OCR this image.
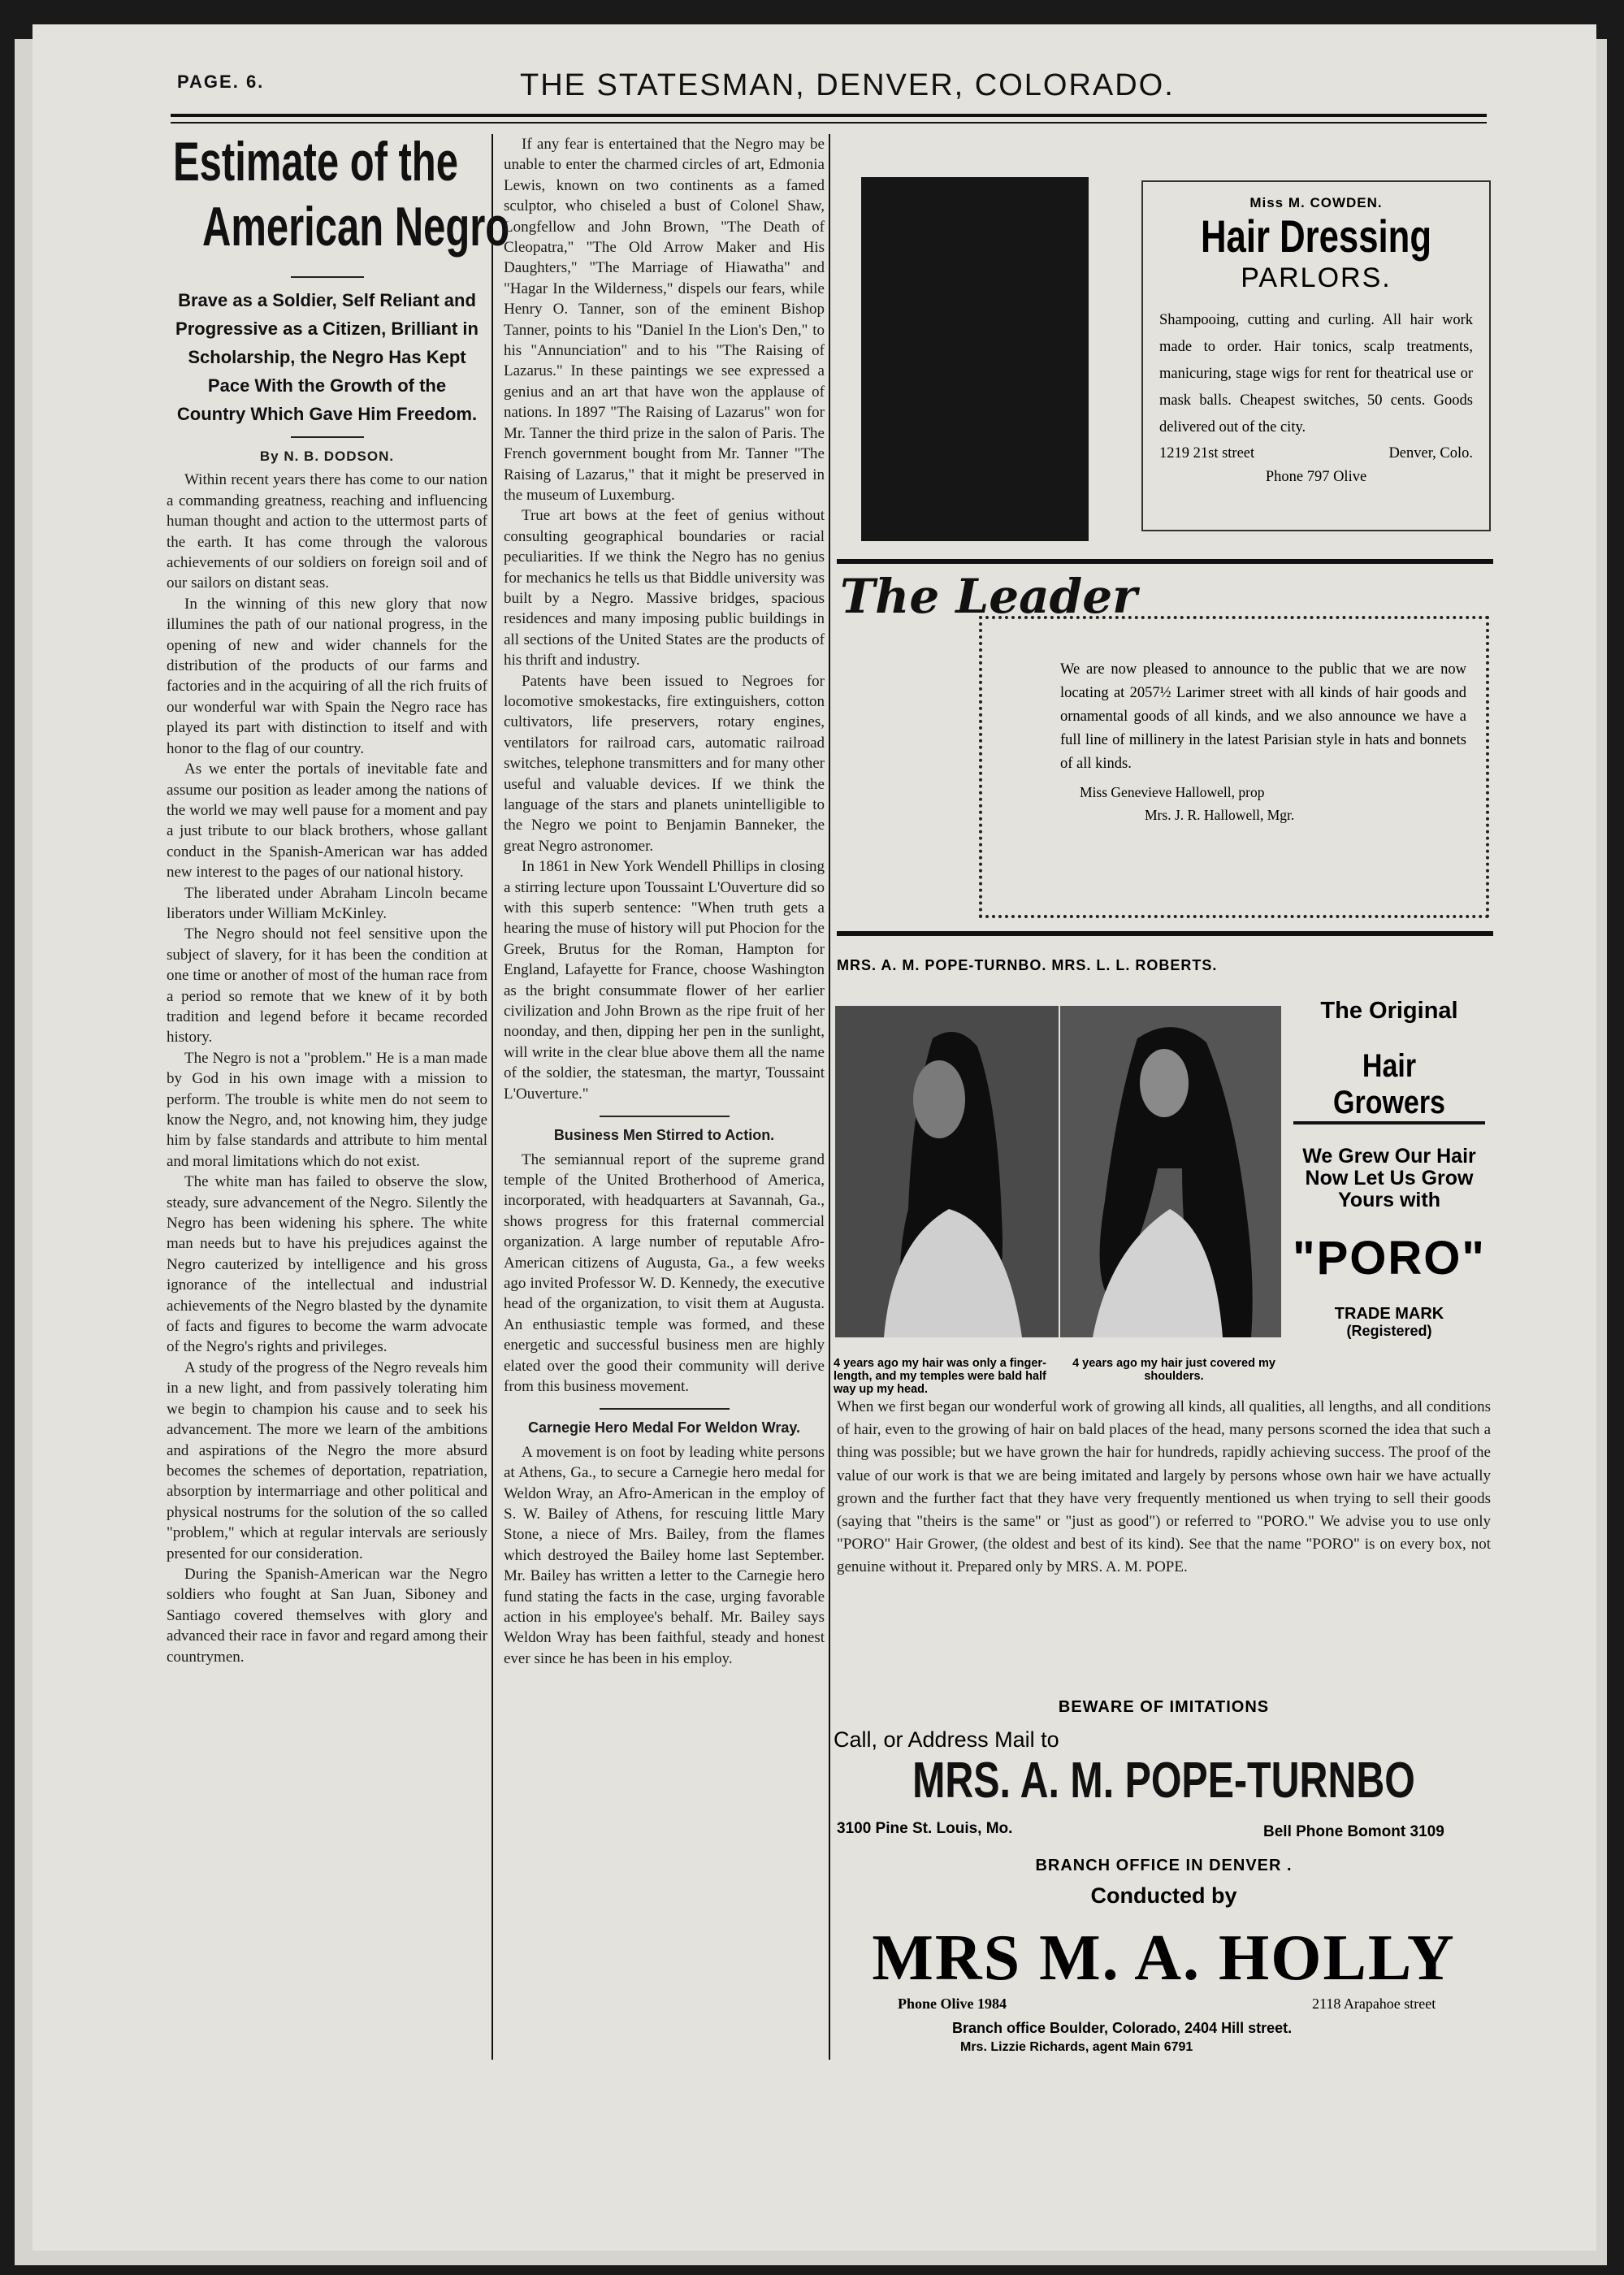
PAGE. 6.	THE STATESMAN, DENVER, COLORADO.
Estimate of the
American Negro
Brave as a Soldier, Self Reliant and Progressive as a Citizen, Brilliant in Scholarship, the Negro Has Kept Pace With the Growth of the Country Which Gave Him Freedom.
By N. B. DODSON.

Within recent years there has come to our nation a commanding greatness, reaching and influencing human thought and action to the uttermost parts of the earth. It has come through the valorous achievements of our soldiers on foreign soil and of our sailors on distant seas.

In the winning of this new glory that now illumines the path of our national progress, in the opening of new and wider channels for the distribution of the products of our farms and factories and in the acquiring of all the rich fruits of our wonderful war with Spain the Negro race has played its part with distinction to itself and with honor to the flag of our country.

As we enter the portals of inevitable fate and assume our position as leader among the nations of the world we may well pause for a moment and pay a just tribute to our black brothers, whose gallant conduct in the Spanish-American war has added new interest to the pages of our national history.

The liberated under Abraham Lincoln became liberators under William McKinley.

The Negro should not feel sensitive upon the subject of slavery, for it has been the condition at one time or another of most of the human race from a period so remote that we knew of it by both tradition and legend before it became recorded history.

The Negro is not a "problem." He is a man made by God in his own image with a mission to perform. The trouble is white men do not seem to know the Negro, and, not knowing him, they judge him by false standards and attribute to him mental and moral limitations which do not exist.

The white man has failed to observe the slow, steady, sure advancement of the Negro. Silently the Negro has been widening his sphere. The white man needs but to have his prejudices against the Negro cauterized by intelligence and his gross ignorance of the intellectual and industrial achievements of the Negro blasted by the dynamite of facts and figures to become the warm advocate of the Negro's rights and privileges.

A study of the progress of the Negro reveals him in a new light, and from passively tolerating him we begin to champion his cause and to seek his advancement. The more we learn of the ambitions and aspirations of the Negro the more absurd becomes the schemes of deportation, repatriation, absorption by intermarriage and other political and physical nostrums for the solution of the so called "problem," which at regular intervals are seriously presented for our consideration.

During the Spanish-American war the Negro soldiers who fought at San Juan, Siboney and Santiago covered themselves with glory and advanced their race in favor and regard among their countrymen.

If any fear is entertained that the Negro may be unable to enter the charmed circles of art, Edmonia Lewis, known on two continents as a famed sculptor, who chiseled a bust of Colonel Shaw, Longfellow and John Brown, "The Death of Cleopatra," "The Old Arrow Maker and His Daughters," "The Marriage of Hiawatha" and "Hagar In the Wilderness," dispels our fears, while Henry O. Tanner, son of the eminent Bishop Tanner, points to his "Daniel In the Lion's Den," to his "Annunciation" and to his "The Raising of Lazarus." In these paintings we see expressed a genius and an art that have won the applause of nations. In 1897 "The Raising of Lazarus" won for Mr. Tanner the third prize in the salon of Paris. The French government bought from Mr. Tanner "The Raising of Lazarus," that it might be preserved in the museum of Luxemburg.

True art bows at the feet of genius without consulting geographical boundaries or racial peculiarities. If we think the Negro has no genius for mechanics he tells us that Biddle university was built by a Negro. Massive bridges, spacious residences and many imposing public buildings in all sections of the United States are the products of his thrift and industry.

Patents have been issued to Negroes for locomotive smokestacks, fire extinguishers, cotton cultivators, life preservers, rotary engines, ventilators for railroad cars, automatic railroad switches, telephone transmitters and for many other useful and valuable devices. If we think the language of the stars and planets unintelligible to the Negro we point to Benjamin Banneker, the great Negro astronomer.

In 1861 in New York Wendell Phillips in closing a stirring lecture upon Toussaint L'Ouverture did so with this superb sentence: "When truth gets a hearing the muse of history will put Phocion for the Greek, Brutus for the Roman, Hampton for England, Lafayette for France, choose Washington as the bright consummate flower of her earlier civilization and John Brown as the ripe fruit of her noonday, and then, dipping her pen in the sunlight, will write in the clear blue above them all the name of the soldier, the statesman, the martyr, Toussaint L'Ouverture."

Business Men Stirred to Action.

The semiannual report of the supreme grand temple of the United Brotherhood of America, incorporated, with headquarters at Savannah, Ga., shows progress for this fraternal commercial organization. A large number of reputable Afro-American citizens of Augusta, Ga., a few weeks ago invited Professor W. D. Kennedy, the executive head of the organization, to visit them at Augusta. An enthusiastic temple was formed, and these energetic and successful business men are highly elated over the good their community will derive from this business movement.

Carnegie Hero Medal For Weldon Wray.

A movement is on foot by leading white persons at Athens, Ga., to secure a Carnegie hero medal for Weldon Wray, an Afro-American in the employ of S. W. Bailey of Athens, for rescuing little Mary Stone, a niece of Mrs. Bailey, from the flames which destroyed the Bailey home last September. Mr. Bailey has written a letter to the Carnegie hero fund stating the facts in the case, urging favorable action in his employee's behalf. Mr. Bailey says Weldon Wray has been faithful, steady and honest ever since he has been in his employ.

Miss M. COWDEN.
Hair Dressing
PARLORS.
Shampooing, cutting and curling. All hair work made to order. Hair tonics, scalp treatments, manicuring, stage wigs for rent for theatrical use or mask balls. Cheapest switches, 50 cents. Goods delivered out of the city.
1219 21st street	Denver, Colo.
Phone 797 Olive
The Leader
We are now pleased to announce to the public that we are now locating at 2057½ Larimer street with all kinds of hair goods and ornamental goods of all kinds, and we also announce we have a full line of millinery in the latest Parisian style in hats and bonnets of all kinds.
Miss Genevieve Hallowell, prop
Mrs. J. R. Hallowell, Mgr.
MRS. A. M. POPE-TURNBO. MRS. L. L. ROBERTS.
4 years ago my hair was only a finger-length, and my temples were bald half way up my head.
4 years ago my hair just covered my shoulders.
The Original
Hair Growers
We Grew Our Hair Now Let Us Grow Yours with
"PORO"
TRADE MARK
(Registered)
When we first began our wonderful work of growing all kinds, all qualities, all lengths, and all conditions of hair, even to the growing of hair on bald places of the head, many persons scorned the idea that such a thing was possible; but we have grown the hair for hundreds, rapidly achieving success. The proof of the value of our work is that we are being imitated and largely by persons whose own hair we have actually grown and the further fact that they have very frequently mentioned us when trying to sell their goods (saying that "theirs is the same" or "just as good") or referred to "PORO." We advise you to use only "PORO" Hair Grower, (the oldest and best of its kind). See that the name "PORO" is on every box, not genuine without it. Prepared only by MRS. A. M. POPE.
BEWARE OF IMITATIONS
Call, or Address Mail to
MRS. A. M. POPE-TURNBO
3100 Pine St. Louis, Mo.	Bell Phone Bomont 3109
BRANCH OFFICE IN DENVER .
Conducted by
MRS M. A. HOLLY
Phone Olive 1984	2118 Arapahoe street
Branch office Boulder, Colorado, 2404 Hill street.
Mrs. Lizzie Richards, agent Main 6791
